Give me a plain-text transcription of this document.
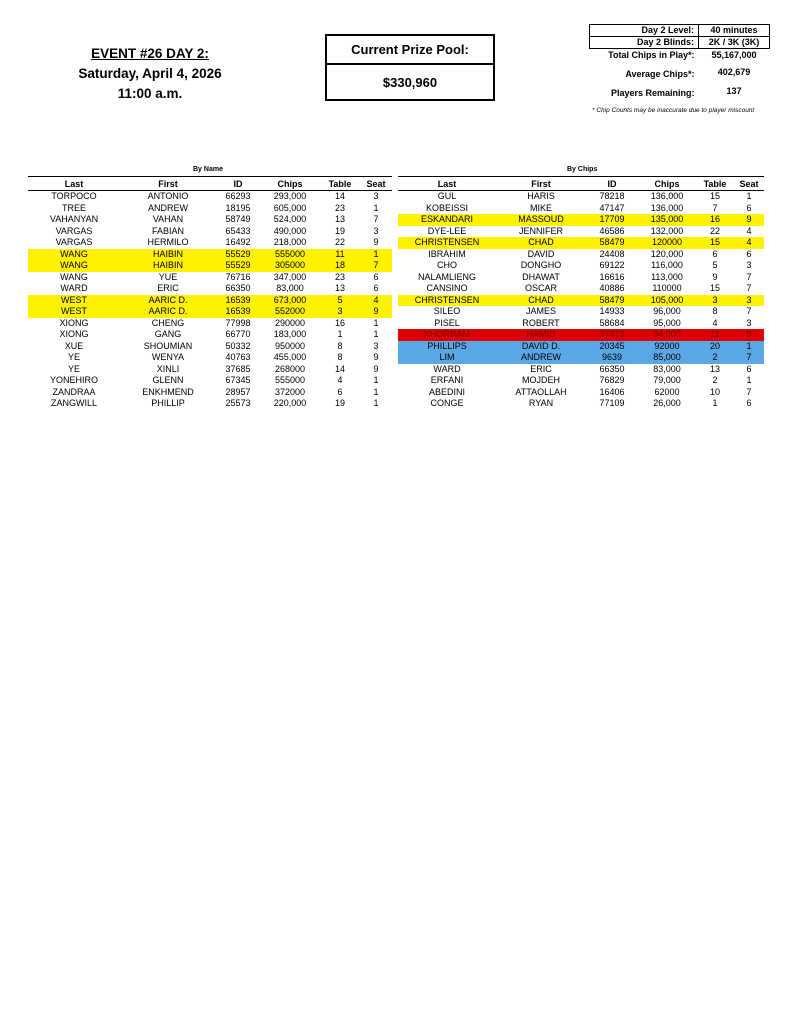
EVENT #26 DAY 2:
Saturday, April 4, 2026
11:00 a.m.
Current Prize Pool:
$330,960
Day 2 Level:	40 minutes
Day 2 Blinds:	2K / 3K (3K)
Total Chips in Play*:	55,167,000
Average Chips*:	402,679
Players Remaining:	137
* Chip Counts may be inaccurate due to player miscount
By Name	By Chips
Last	First	ID	Chips	Table	Seat
TORPOCO	ANTONIO	66293	293,000	14	3
TREE	ANDREW	18195	605,000	23	1
VAHANYAN	VAHAN	58749	524,000	13	7
VARGAS	FABIAN	65433	490,000	19	3
VARGAS	HERMILO	16492	218,000	22	9
WANG	HAIBIN	55529	555000	11	1
WANG	HAIBIN	55529	305000	18	7
WANG	YUE	76716	347,000	23	6
WARD	ERIC	66350	83,000	13	6
WEST	AARIC D.	16539	673,000	5	4
WEST	AARIC D.	16539	552000	3	9
XIONG	CHENG	77998	290000	16	1
XIONG	GANG	66770	183,000	1	1
XUE	SHOUMIAN	50332	950000	8	3
YE	WENYA	40763	455,000	8	9
YE	XINLI	37685	268000	14	9
YONEHIRO	GLENN	67345	555000	4	1
ZANDRAA	ENKHMEND	28957	372000	6	1
ZANGWILL	PHILLIP	25573	220,000	19	1
Last	First	ID	Chips	Table	Seat
GUL	HARIS	78218	136,000	15	1
KOBEISSI	MIKE	47147	136,000	7	6
ESKANDARI	MASSOUD	17709	135,000	16	9
DYE-LEE	JENNIFER	46586	132,000	22	4
CHRISTENSEN	CHAD	58479	120000	15	4
IBRAHIM	DAVID	24408	120,000	6	6
CHO	DONGHO	69122	116,000	5	3
NALAMLIENG	DHAWAT	16616	113,000	9	7
CANSINO	OSCAR	40886	110000	15	7
CHRISTENSEN	CHAD	58479	105,000	3	3
SILEO	JAMES	14933	96,000	8	7
PISEL	ROBERT	58684	95,000	4	3
KHORRAM	HAMID	37473	94,000	11	9
PHILLIPS	DAVID D.	20345	92000	20	1
LIM	ANDREW	9639	85,000	2	7
WARD	ERIC	66350	83,000	13	6
ERFANI	MOJDEH	76829	79,000	2	1
ABEDINI	ATTAOLLAH	16406	62000	10	7
CONGE	RYAN	77109	26,000	1	6
